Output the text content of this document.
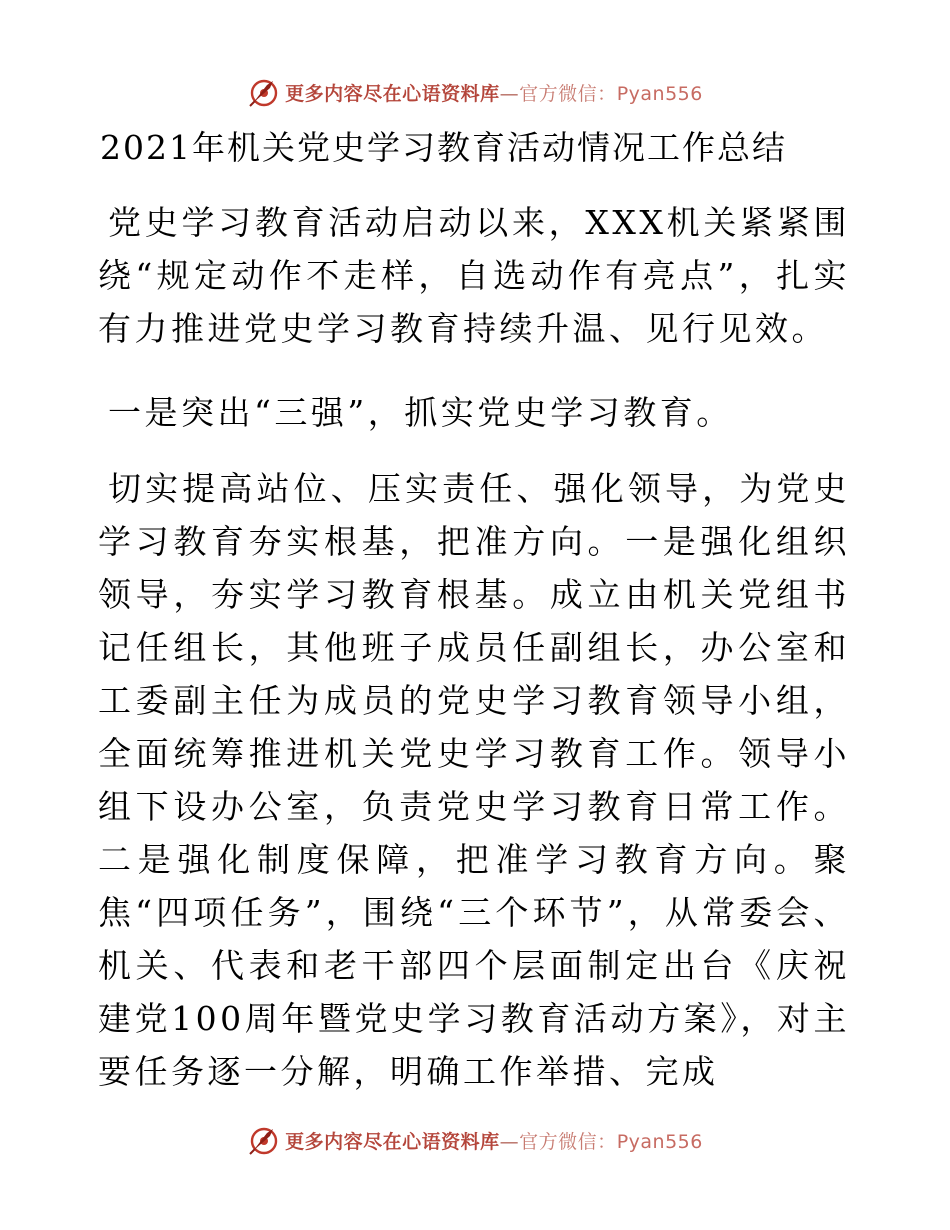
更多内容尽在心语资料库—官方微信：Pyan556
2021年机关党史学习教育活动情况工作总结

党史学习教育活动启动以来，XXX机关紧紧围绕“规定动作不走样，自选动作有亮点”，扎实有力推进党史学习教育持续升温、见行见效。

一是突出“三强”，抓实党史学习教育。

切实提高站位、压实责任、强化领导，为党史学习教育夯实根基，把准方向。一是强化组织领导，夯实学习教育根基。成立由机关党组书记任组长，其他班子成员任副组长，办公室和工委副主任为成员的党史学习教育领导小组，全面统筹推进机关党史学习教育工作。领导小组下设办公室，负责党史学习教育日常工作。二是强化制度保障，把准学习教育方向。聚焦“四项任务”，围绕“三个环节”，从常委会、机关、代表和老干部四个层面制定出台《庆祝建党100周年暨党史学习教育活动方案》，对主要任务逐一分解，明确工作举措、完成

更多内容尽在心语资料库—官方微信：Pyan556
